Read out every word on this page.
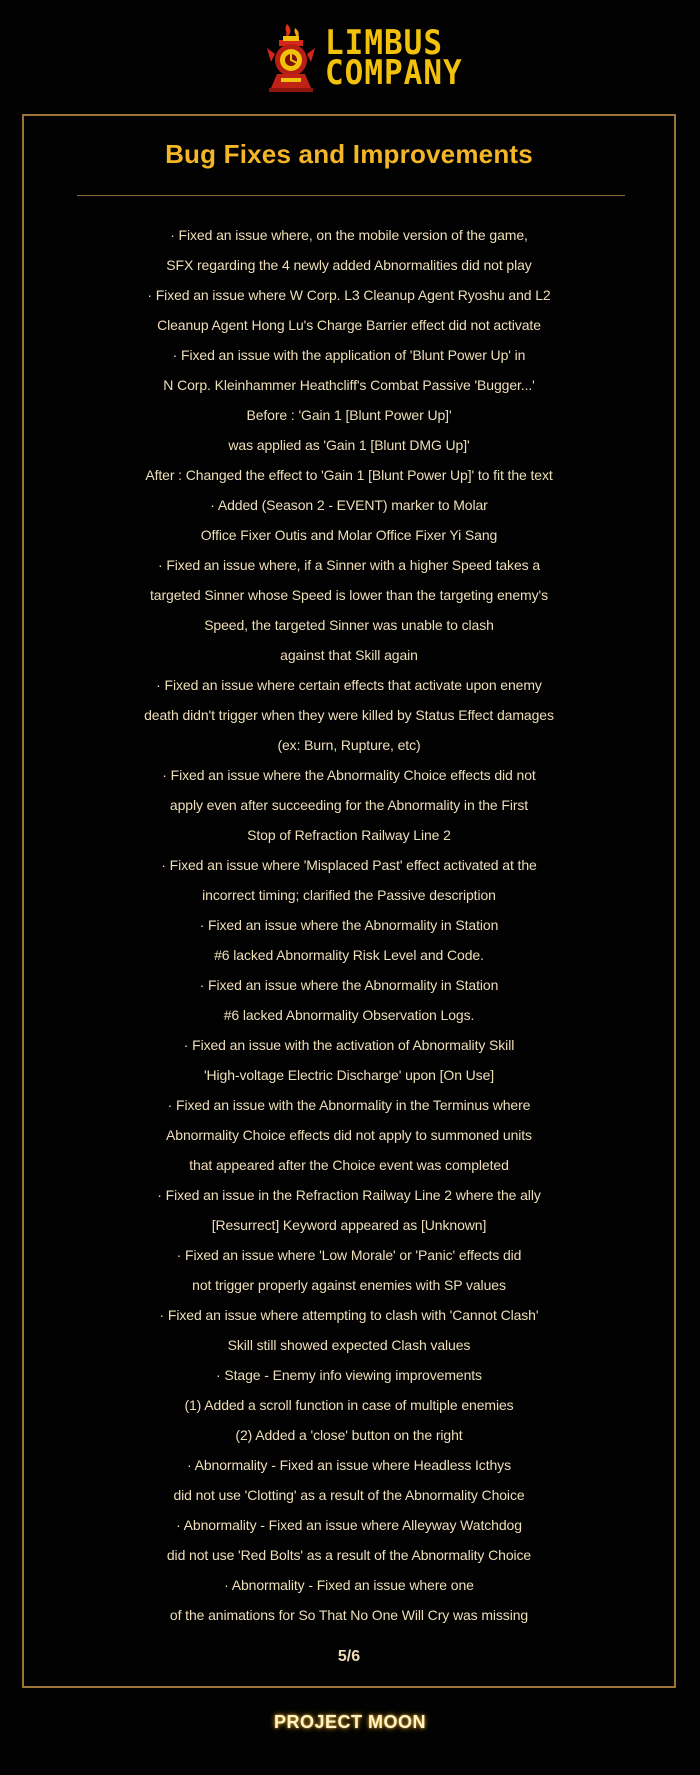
LIMBUS
COMPANY
Bug Fixes and Improvements
· Fixed an issue where, on the mobile version of the game,
SFX regarding the 4 newly added Abnormalities did not play
· Fixed an issue where W Corp. L3 Cleanup Agent Ryoshu and L2
Cleanup Agent Hong Lu's Charge Barrier effect did not activate
· Fixed an issue with the application of 'Blunt Power Up' in
N Corp. Kleinhammer Heathcliff's Combat Passive 'Bugger...'
Before : 'Gain 1 [Blunt Power Up]'
was applied as 'Gain 1 [Blunt DMG Up]'
After : Changed the effect to 'Gain 1 [Blunt Power Up]' to fit the text
· Added (Season 2 - EVENT) marker to Molar
Office Fixer Outis and Molar Office Fixer Yi Sang
· Fixed an issue where, if a Sinner with a higher Speed takes a
targeted Sinner whose Speed is lower than the targeting enemy's
Speed, the targeted Sinner was unable to clash
against that Skill again
· Fixed an issue where certain effects that activate upon enemy
death didn't trigger when they were killed by Status Effect damages
(ex: Burn, Rupture, etc)
· Fixed an issue where the Abnormality Choice effects did not
apply even after succeeding for the Abnormality in the First
Stop of Refraction Railway Line 2
· Fixed an issue where 'Misplaced Past' effect activated at the
incorrect timing; clarified the Passive description
· Fixed an issue where the Abnormality in Station
#6 lacked Abnormality Risk Level and Code.
· Fixed an issue where the Abnormality in Station
#6 lacked Abnormality Observation Logs.
· Fixed an issue with the activation of Abnormality Skill
'High-voltage Electric Discharge' upon [On Use]
· Fixed an issue with the Abnormality in the Terminus where
Abnormality Choice effects did not apply to summoned units
that appeared after the Choice event was completed
· Fixed an issue in the Refraction Railway Line 2 where the ally
[Resurrect] Keyword appeared as [Unknown]
· Fixed an issue where 'Low Morale' or 'Panic' effects did
not trigger properly against enemies with SP values
· Fixed an issue where attempting to clash with 'Cannot Clash'
Skill still showed expected Clash values
· Stage - Enemy info viewing improvements
(1) Added a scroll function in case of multiple enemies
(2) Added a 'close' button on the right
· Abnormality - Fixed an issue where Headless Icthys
did not use 'Clotting' as a result of the Abnormality Choice
· Abnormality - Fixed an issue where Alleyway Watchdog
did not use 'Red Bolts' as a result of the Abnormality Choice
· Abnormality - Fixed an issue where one
of the animations for So That No One Will Cry was missing
5/6
PROJECT MOON
